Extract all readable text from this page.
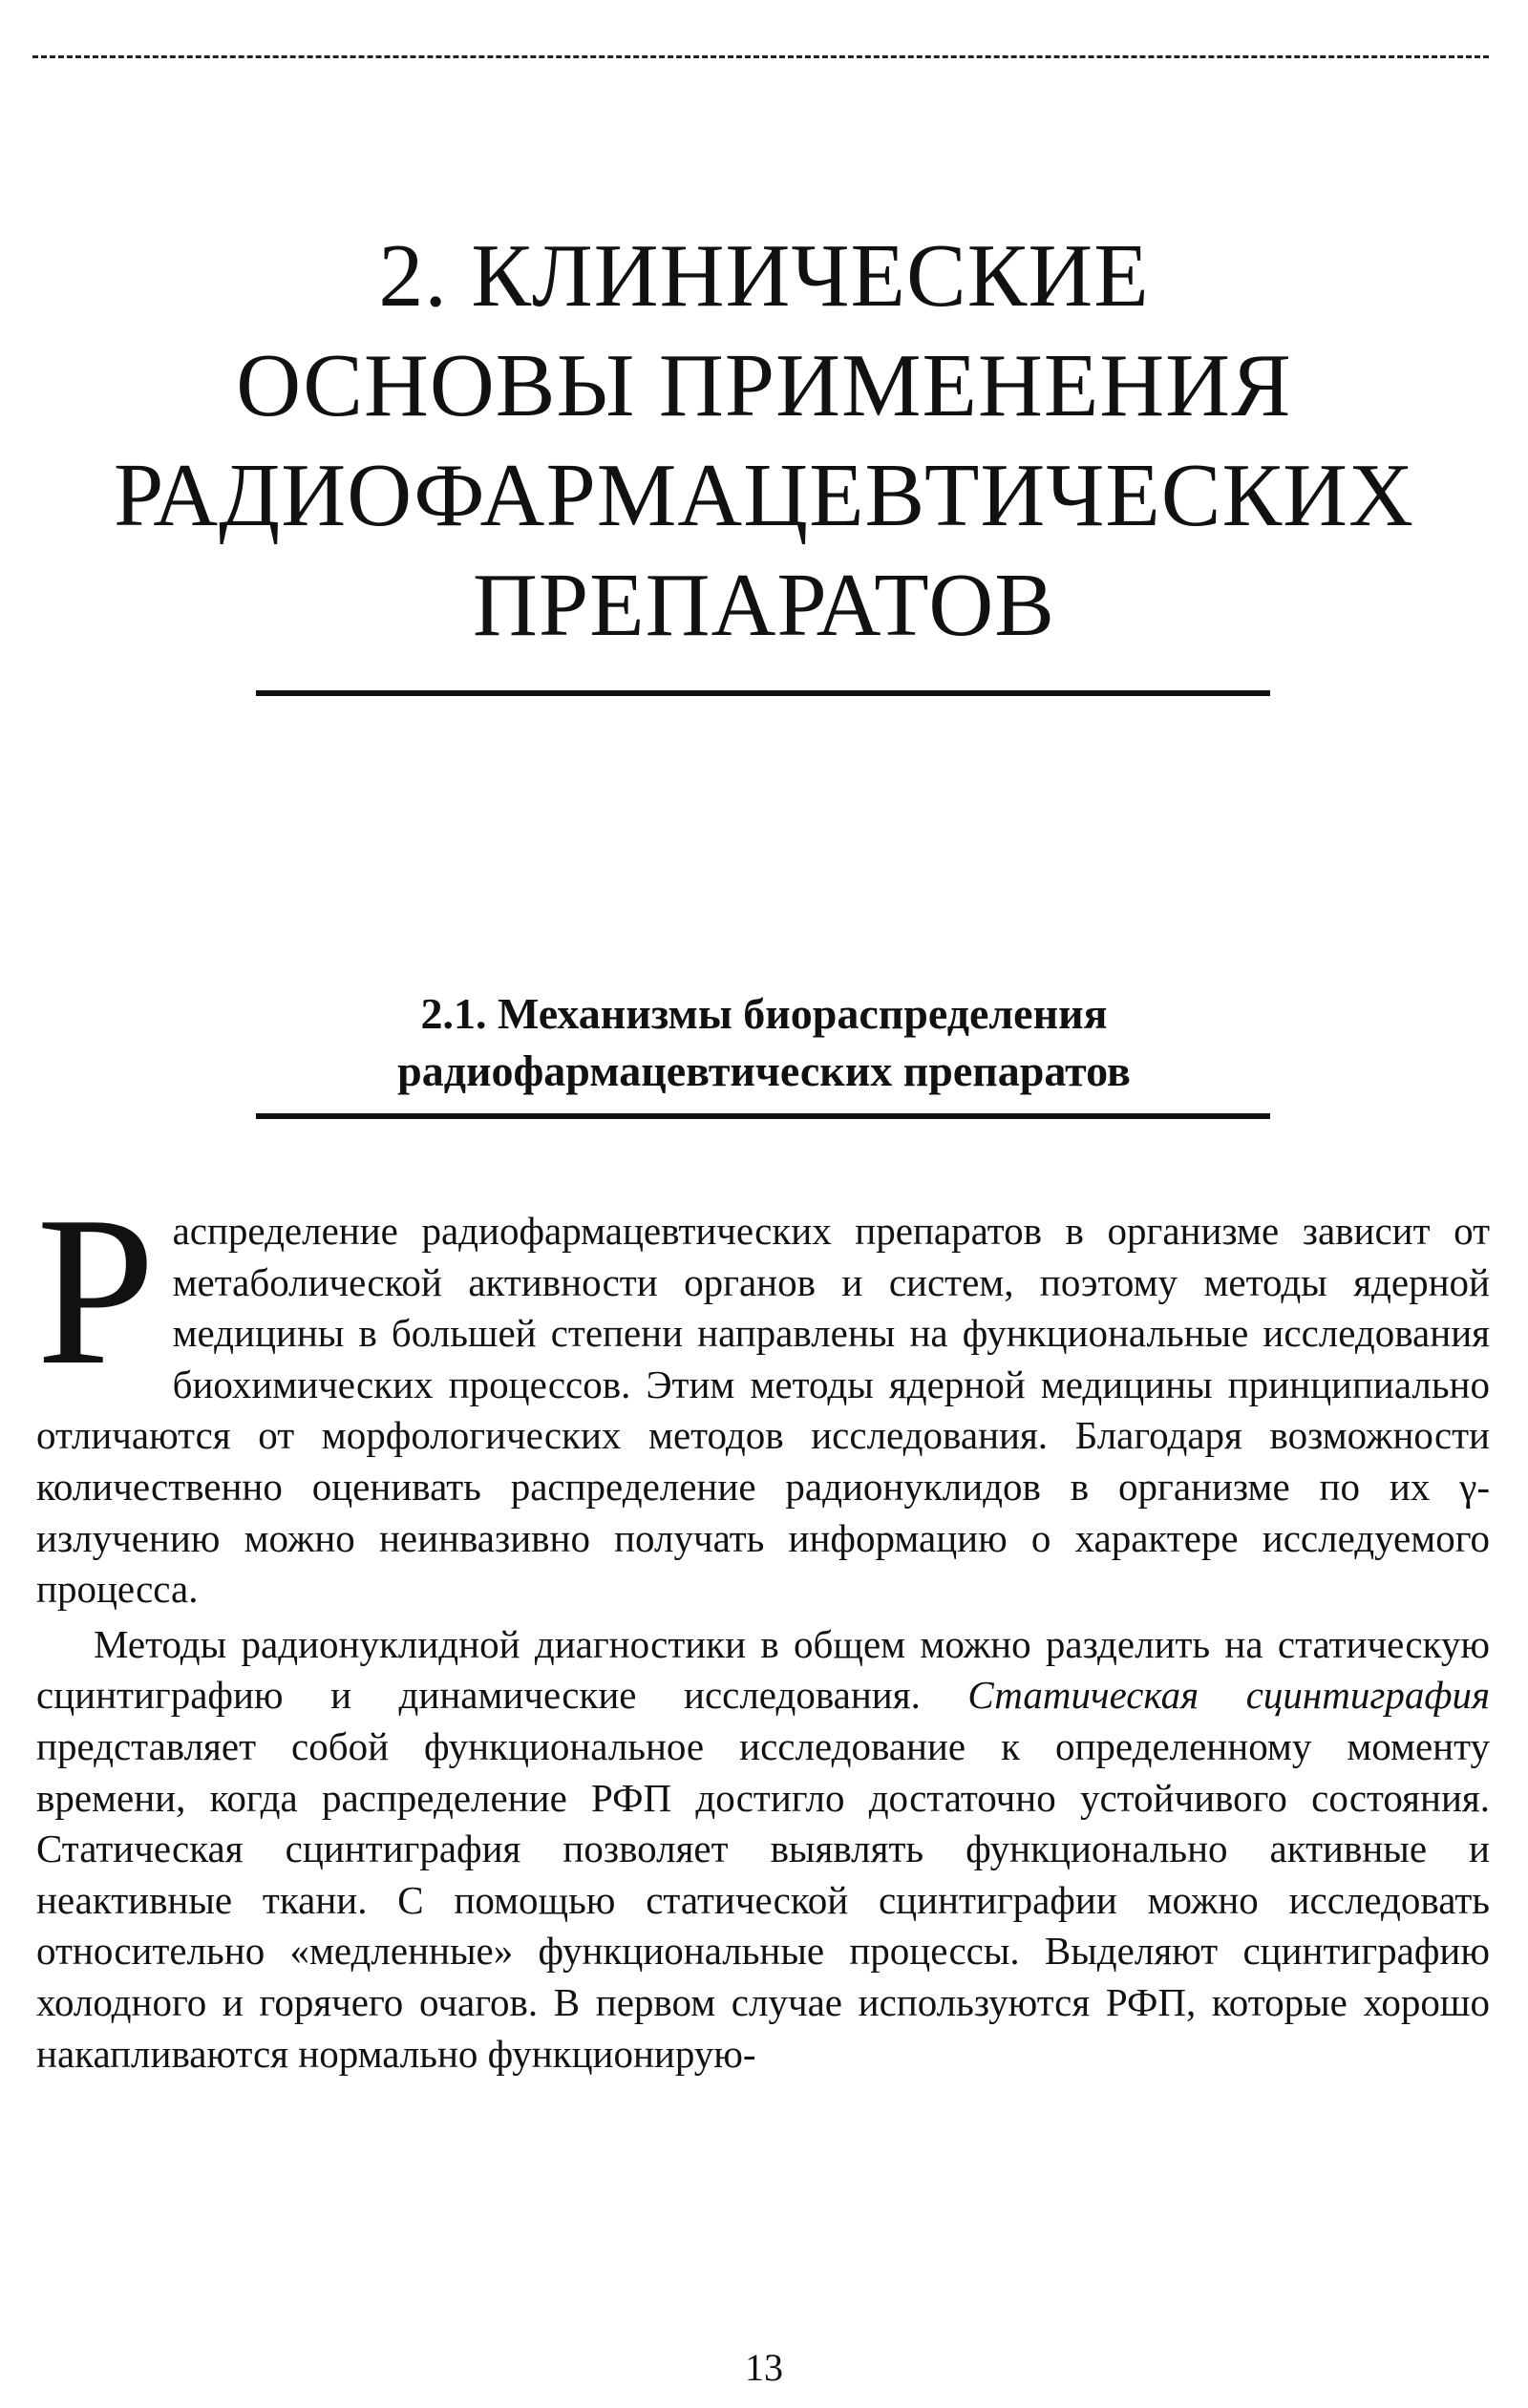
2. КЛИНИЧЕСКИЕ
ОСНОВЫ ПРИМЕНЕНИЯ
РАДИОФАРМАЦЕВТИЧЕСКИХ
ПРЕПАРАТОВ
2.1. Механизмы биораспределения
радиофармацевтических препаратов

Распределение радиофармацевтических препаратов в организме зависит от метаболической активности органов и систем, поэтому методы ядерной медицины в большей степени направлены на функциональные исследования биохимических процессов. Этим методы ядерной медицины принципиально отличаются от морфологических методов исследования. Благодаря возможности количественно оценивать распределение радионуклидов в организме по их γ-излучению можно неинвазивно получать информацию о характере исследуемого процесса.

Методы радионуклидной диагностики в общем можно разделить на статическую сцинтиграфию и динамические исследования. Статическая сцинтиграфия представляет собой функциональное исследование к определенному моменту времени, когда распределение РФП достигло достаточно устойчивого состояния. Статическая сцинтиграфия позволяет выявлять функционально активные и неактивные ткани. С помощью статической сцинтиграфии можно исследовать относительно «медленные» функциональные процессы. Выделяют сцинтиграфию холодного и горячего очагов. В первом случае используются РФП, которые хорошо накапливаются нормально функционирую-

13
